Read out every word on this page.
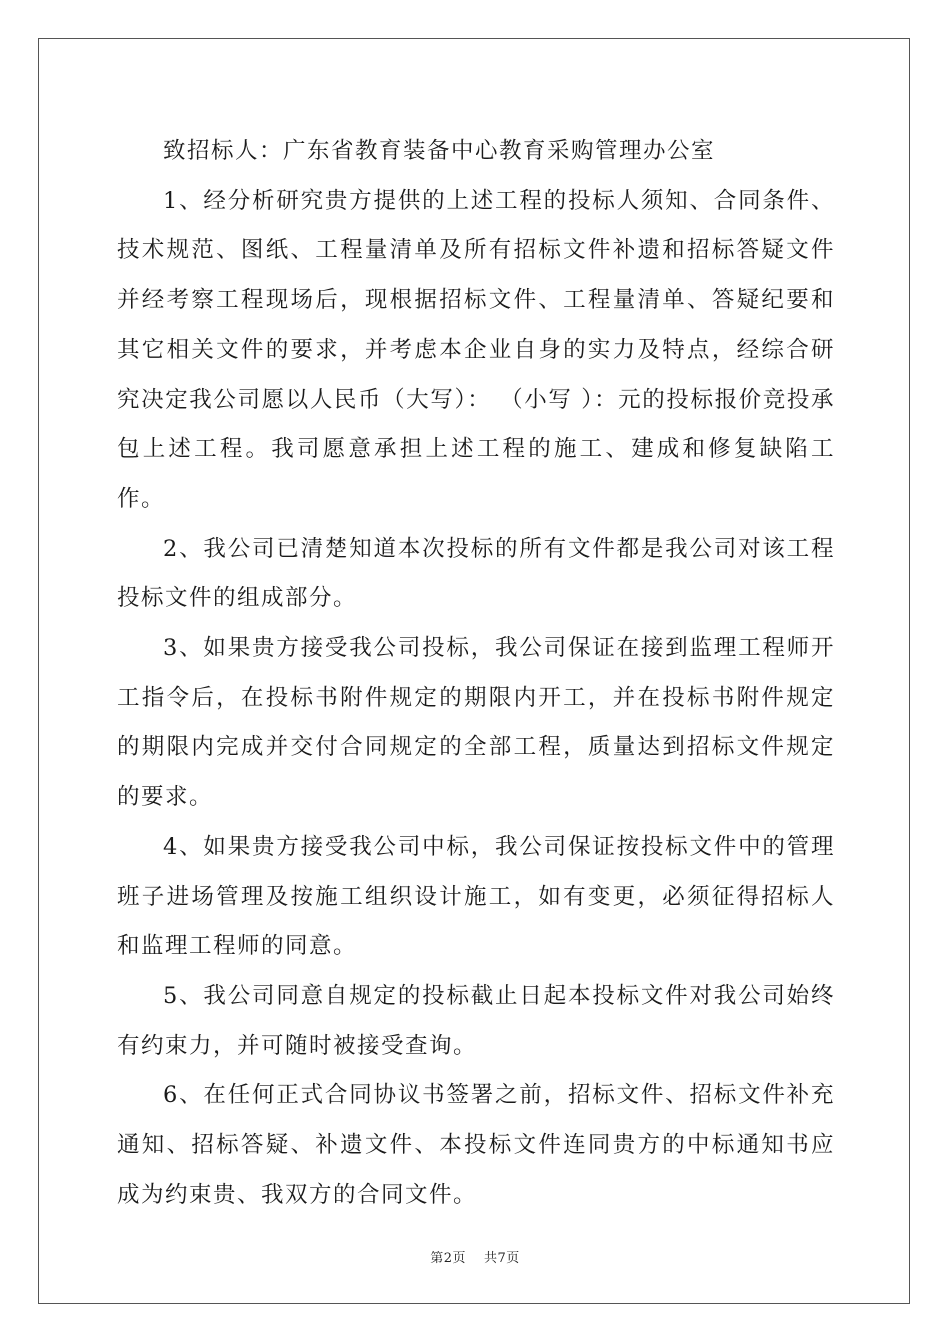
致招标人：广东省教育装备中心教育采购管理办公室

1、经分析研究贵方提供的上述工程的投标人须知、合同条件、技术规范、图纸、工程量清单及所有招标文件补遗和招标答疑文件并经考察工程现场后，现根据招标文件、工程量清单、答疑纪要和其它相关文件的要求，并考虑本企业自身的实力及特点，经综合研究决定我公司愿以人民币（大写）： （小写 ）：元的投标报价竞投承包上述工程。我司愿意承担上述工程的施工、建成和修复缺陷工作。

2、我公司已清楚知道本次投标的所有文件都是我公司对该工程投标文件的组成部分。

3、如果贵方接受我公司投标，我公司保证在接到监理工程师开工指令后，在投标书附件规定的期限内开工，并在投标书附件规定的期限内完成并交付合同规定的全部工程，质量达到招标文件规定的要求。

4、如果贵方接受我公司中标，我公司保证按投标文件中的管理班子进场管理及按施工组织设计施工，如有变更，必须征得招标人和监理工程师的同意。

5、我公司同意自规定的投标截止日起本投标文件对我公司始终有约束力，并可随时被接受查询。

6、在任何正式合同协议书签署之前，招标文件、招标文件补充通知、招标答疑、补遗文件、本投标文件连同贵方的中标通知书应成为约束贵、我双方的合同文件。

第2页 共7页
